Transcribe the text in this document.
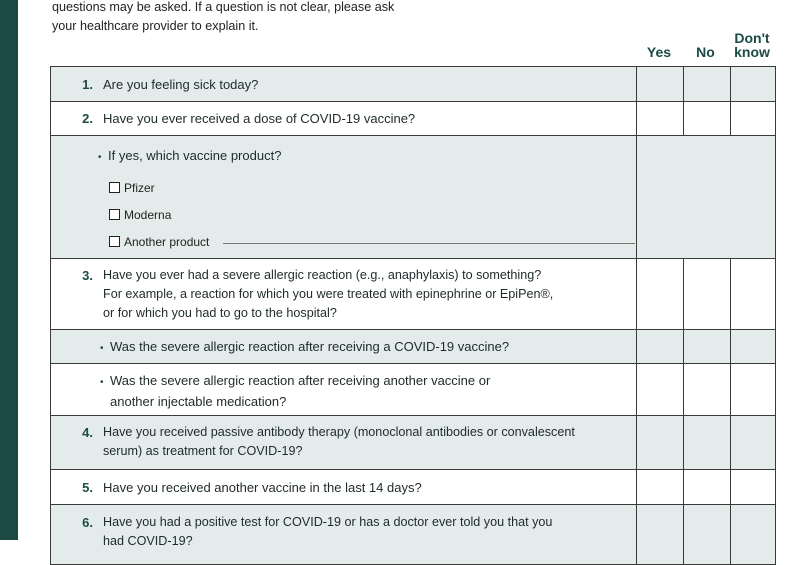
questions may be asked. If a question is not clear, please ask
your healthcare provider to explain it.
Yes	No
Don't
know
1. Are you feeling sick today?
2. Have you ever received a dose of COVID-19 vaccine?
• If yes, which vaccine product?
Pfizer
Moderna
Another product
3. Have you ever had a severe allergic reaction (e.g., anaphylaxis) to something?
For example, a reaction for which you were treated with epinephrine or EpiPen®,
or for which you had to go to the hospital?
• Was the severe allergic reaction after receiving a COVID-19 vaccine?
• Was the severe allergic reaction after receiving another vaccine or
another injectable medication?
4. Have you received passive antibody therapy (monoclonal antibodies or convalescent
serum) as treatment for COVID-19?
5. Have you received another vaccine in the last 14 days?
6. Have you had a positive test for COVID-19 or has a doctor ever told you that you
had COVID-19?
